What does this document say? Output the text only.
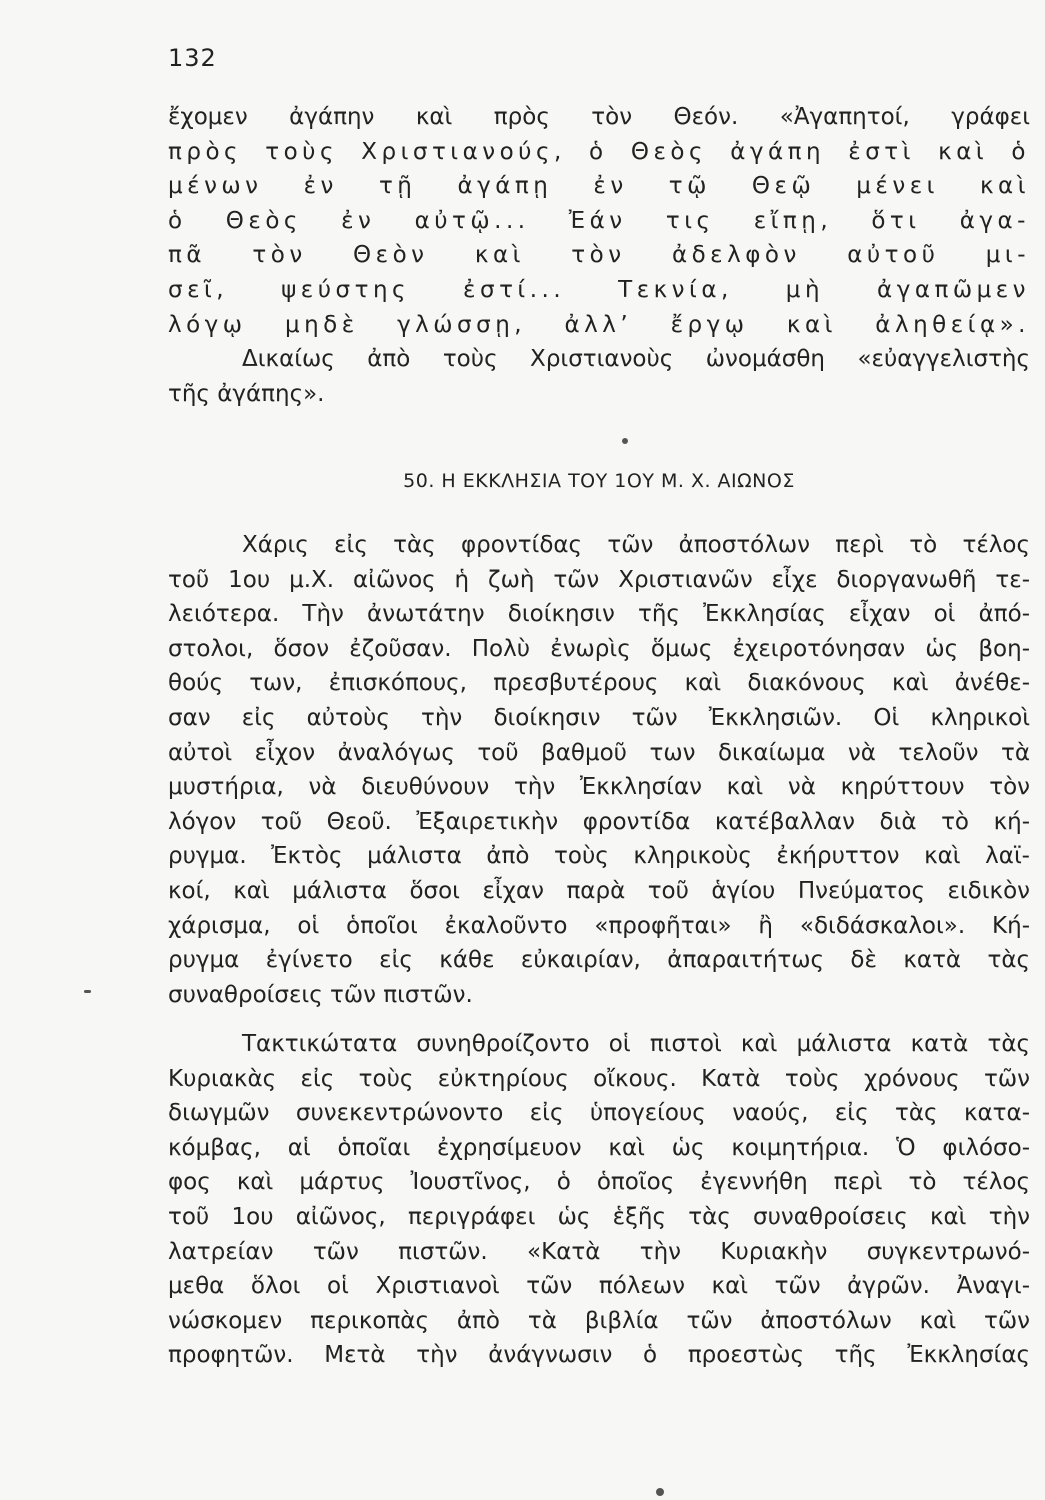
132
ἔχομεν ἀγάπην καὶ πρὸς τὸν Θεόν. «Ἀγαπητοί, γράφει
πρὸς τοὺς Χριστιανούς, ὁ Θεὸς ἀγάπη ἐστὶ καὶ ὁ
μένων ἐν τῇ ἀγάπῃ ἐν τῷ Θεῷ μένει καὶ
ὁ Θεὸς ἐν αὐτῷ... Ἐάν τις εἴπῃ, ὅτι ἀγα-
πᾶ τὸν Θεὸν καὶ τὸν ἀδελφὸν αὐτοῦ μι-
σεῖ, ψεύστης ἐστί... Τεκνία, μὴ ἀγαπῶμεν
λόγῳ μηδὲ γλώσσῃ, ἀλλ’ ἔργῳ καὶ ἀληθείᾳ».
Δικαίως ἀπὸ τοὺς Χριστιανοὺς ὠνομάσθη «εὐαγγελιστὴς
τῆς ἀγάπης».
50. Η ΕΚΚΛΗΣΙΑ ΤΟΥ 1ΟΥ Μ. Χ. ΑΙΩΝΟΣ
Χάρις εἰς τὰς φροντίδας τῶν ἀποστόλων περὶ τὸ τέλος
τοῦ 1ου μ.Χ. αἰῶνος ἡ ζωὴ τῶν Χριστιανῶν εἶχε διοργανωθῆ τε-
λειότερα. Τὴν ἀνωτάτην διοίκησιν τῆς Ἐκκλησίας εἶχαν οἱ ἀπό-
στολοι, ὅσον ἐζοῦσαν. Πολὺ ἐνωρὶς ὅμως ἐχειροτόνησαν ὡς βοη-
θούς των, ἐπισκόπους, πρεσβυτέρους καὶ διακόνους καὶ ἀνέθε-
σαν εἰς αὐτοὺς τὴν διοίκησιν τῶν Ἐκκλησιῶν. Οἱ κληρικοὶ
αὐτοὶ εἶχον ἀναλόγως τοῦ βαθμοῦ των δικαίωμα νὰ τελοῦν τὰ
μυστήρια, νὰ διευθύνουν τὴν Ἐκκλησίαν καὶ νὰ κηρύττουν τὸν
λόγον τοῦ Θεοῦ. Ἐξαιρετικὴν φροντίδα κατέβαλλαν διὰ τὸ κή-
ρυγμα. Ἐκτὸς μάλιστα ἀπὸ τοὺς κληρικοὺς ἐκήρυττον καὶ λαϊ-
κοί, καὶ μάλιστα ὅσοι εἶχαν παρὰ τοῦ ἁγίου Πνεύματος ειδικὸν
χάρισμα, οἱ ὁποῖοι ἐκαλοῦντο «προφῆται» ἢ «διδάσκαλοι». Κή-
ρυγμα ἐγίνετο εἰς κάθε εὐκαιρίαν, ἀπαραιτήτως δὲ κατὰ τὰς
συναθροίσεις τῶν πιστῶν.
Τακτικώτατα συνηθροίζοντο οἱ πιστοὶ καὶ μάλιστα κατὰ τὰς
Κυριακὰς εἰς τοὺς εὐκτηρίους οἴκους. Κατὰ τοὺς χρόνους τῶν
διωγμῶν συνεκεντρώνοντο εἰς ὑπογείους ναούς, εἰς τὰς κατα-
κόμβας, αἱ ὁποῖαι ἐχρησίμευον καὶ ὡς κοιμητήρια. Ὁ φιλόσο-
φος καὶ μάρτυς Ἰουστῖνος, ὁ ὁποῖος ἐγεννήθη περὶ τὸ τέλος
τοῦ 1ου αἰῶνος, περιγράφει ὡς ἑξῆς τὰς συναθροίσεις καὶ τὴν
λατρείαν τῶν πιστῶν. «Κατὰ τὴν Κυριακὴν συγκεντρωνό-
μεθα ὅλοι οἱ Χριστιανοὶ τῶν πόλεων καὶ τῶν ἀγρῶν. Ἀναγι-
νώσκομεν περικοπὰς ἀπὸ τὰ βιβλία τῶν ἀποστόλων καὶ τῶν
προφητῶν. Μετὰ τὴν ἀνάγνωσιν ὁ προεστὼς τῆς Ἐκκλησίας
